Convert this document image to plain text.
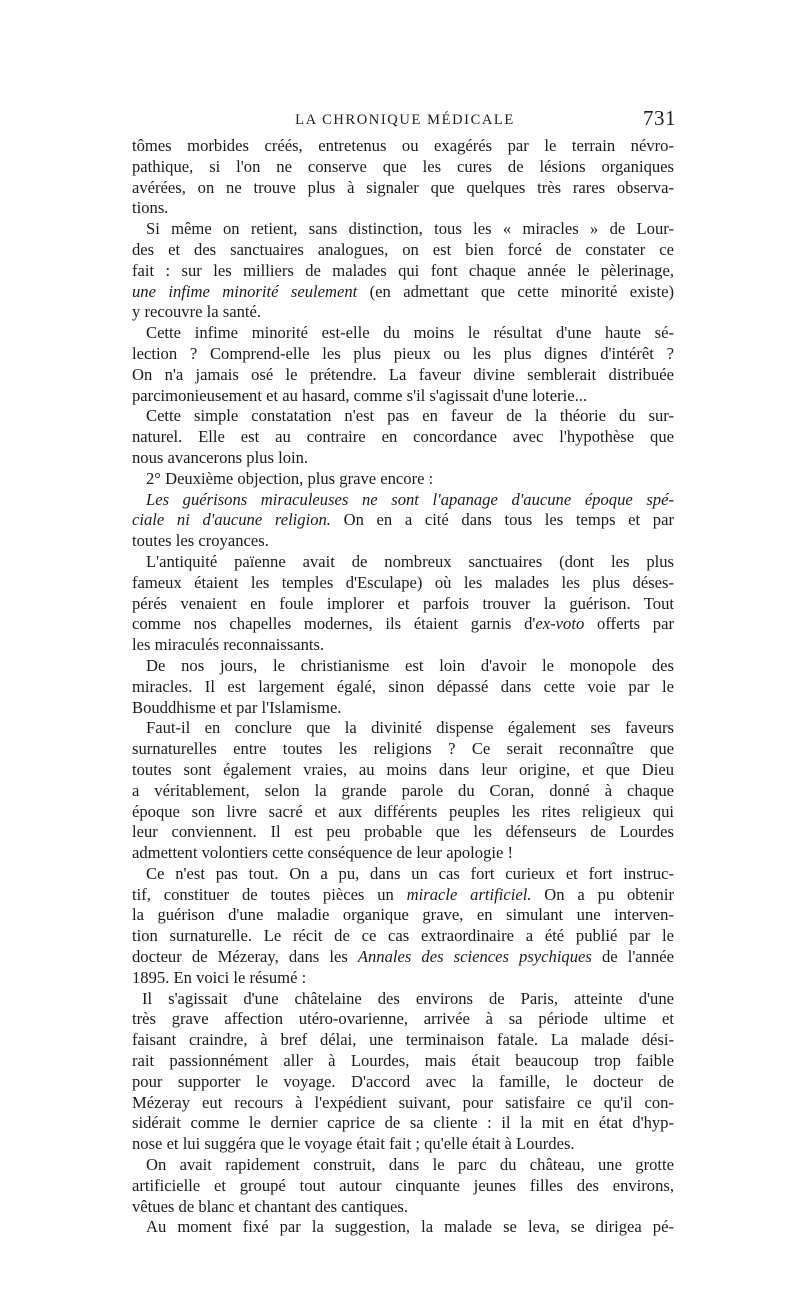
LA CHRONIQUE MÉDICALE	731
tômes morbides créés, entretenus ou exagérés par le terrain névro-
pathique, si l'on ne conserve que les cures de lésions organiques
avérées, on ne trouve plus à signaler que quelques très rares observa-
tions.
Si même on retient, sans distinction, tous les « miracles » de Lour-
des et des sanctuaires analogues, on est bien forcé de constater ce
fait : sur les milliers de malades qui font chaque année le pèlerinage,
une infime minorité seulement (en admettant que cette minorité existe)
y recouvre la santé.
Cette infime minorité est-elle du moins le résultat d'une haute sé-
lection ? Comprend-elle les plus pieux ou les plus dignes d'intérêt ?
On n'a jamais osé le prétendre. La faveur divine semblerait distribuée
parcimonieusement et au hasard, comme s'il s'agissait d'une loterie...
Cette simple constatation n'est pas en faveur de la théorie du sur-
naturel. Elle est au contraire en concordance avec l'hypothèse que
nous avancerons plus loin.
2° Deuxième objection, plus grave encore :
Les guérisons miraculeuses ne sont l'apanage d'aucune époque spé-
ciale ni d'aucune religion. On en a cité dans tous les temps et par
toutes les croyances.
L'antiquité païenne avait de nombreux sanctuaires (dont les plus
fameux étaient les temples d'Esculape) où les malades les plus déses-
pérés venaient en foule implorer et parfois trouver la guérison. Tout
comme nos chapelles modernes, ils étaient garnis d'ex-voto offerts par
les miraculés reconnaissants.
De nos jours, le christianisme est loin d'avoir le monopole des
miracles. Il est largement égalé, sinon dépassé dans cette voie par le
Bouddhisme et par l'Islamisme.
Faut-il en conclure que la divinité dispense également ses faveurs
surnaturelles entre toutes les religions ? Ce serait reconnaître que
toutes sont également vraies, au moins dans leur origine, et que Dieu
a véritablement, selon la grande parole du Coran, donné à chaque
époque son livre sacré et aux différents peuples les rites religieux qui
leur conviennent. Il est peu probable que les défenseurs de Lourdes
admettent volontiers cette conséquence de leur apologie !
Ce n'est pas tout. On a pu, dans un cas fort curieux et fort instruc-
tif, constituer de toutes pièces un miracle artificiel. On a pu obtenir
la guérison d'une maladie organique grave, en simulant une interven-
tion surnaturelle. Le récit de ce cas extraordinaire a été publié par le
docteur de Mézeray, dans les Annales des sciences psychiques de l'année
1895. En voici le résumé :
Il s'agissait d'une châtelaine des environs de Paris, atteinte d'une
très grave affection utéro-ovarienne, arrivée à sa période ultime et
faisant craindre, à bref délai, une terminaison fatale. La malade dési-
rait passionnément aller à Lourdes, mais était beaucoup trop faible
pour supporter le voyage. D'accord avec la famille, le docteur de
Mézeray eut recours à l'expédient suivant, pour satisfaire ce qu'il con-
sidérait comme le dernier caprice de sa cliente : il la mit en état d'hyp-
nose et lui suggéra que le voyage était fait ; qu'elle était à Lourdes.
On avait rapidement construit, dans le parc du château, une grotte
artificielle et groupé tout autour cinquante jeunes filles des environs,
vêtues de blanc et chantant des cantiques.
Au moment fixé par la suggestion, la malade se leva, se dirigea pé-
